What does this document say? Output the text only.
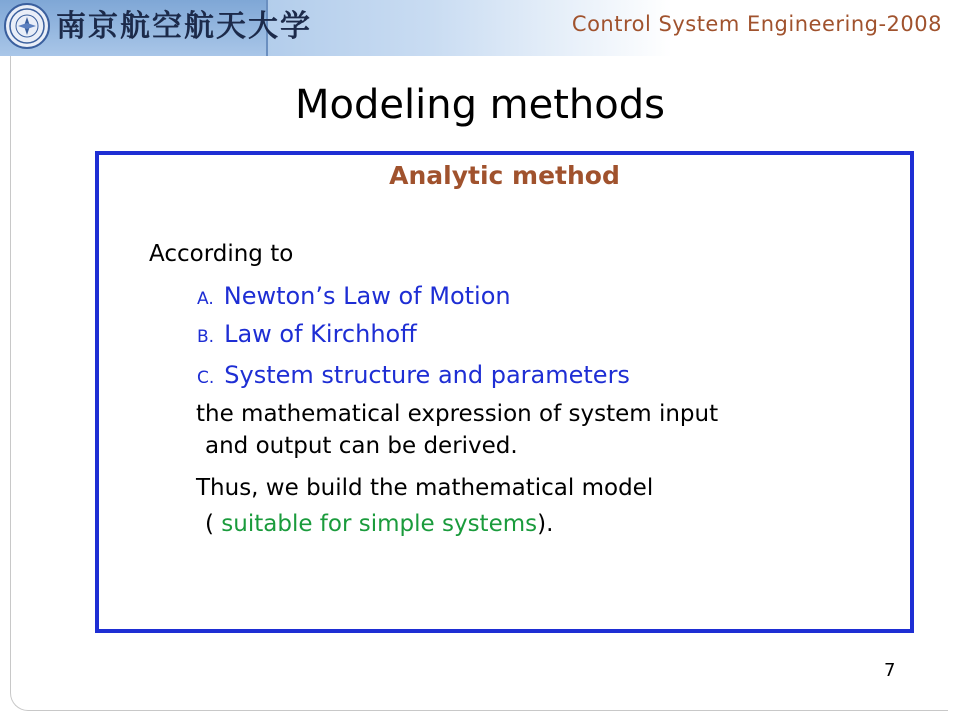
南京航空航天大学	Control System Engineering-2008
Modeling methods
Analytic method
According to
A. Newton’s Law of Motion
B. Law of Kirchhoff
C. System structure and parameters
the mathematical expression of system input
and output can be derived.
Thus, we build the mathematical model
( suitable for simple systems).
7
